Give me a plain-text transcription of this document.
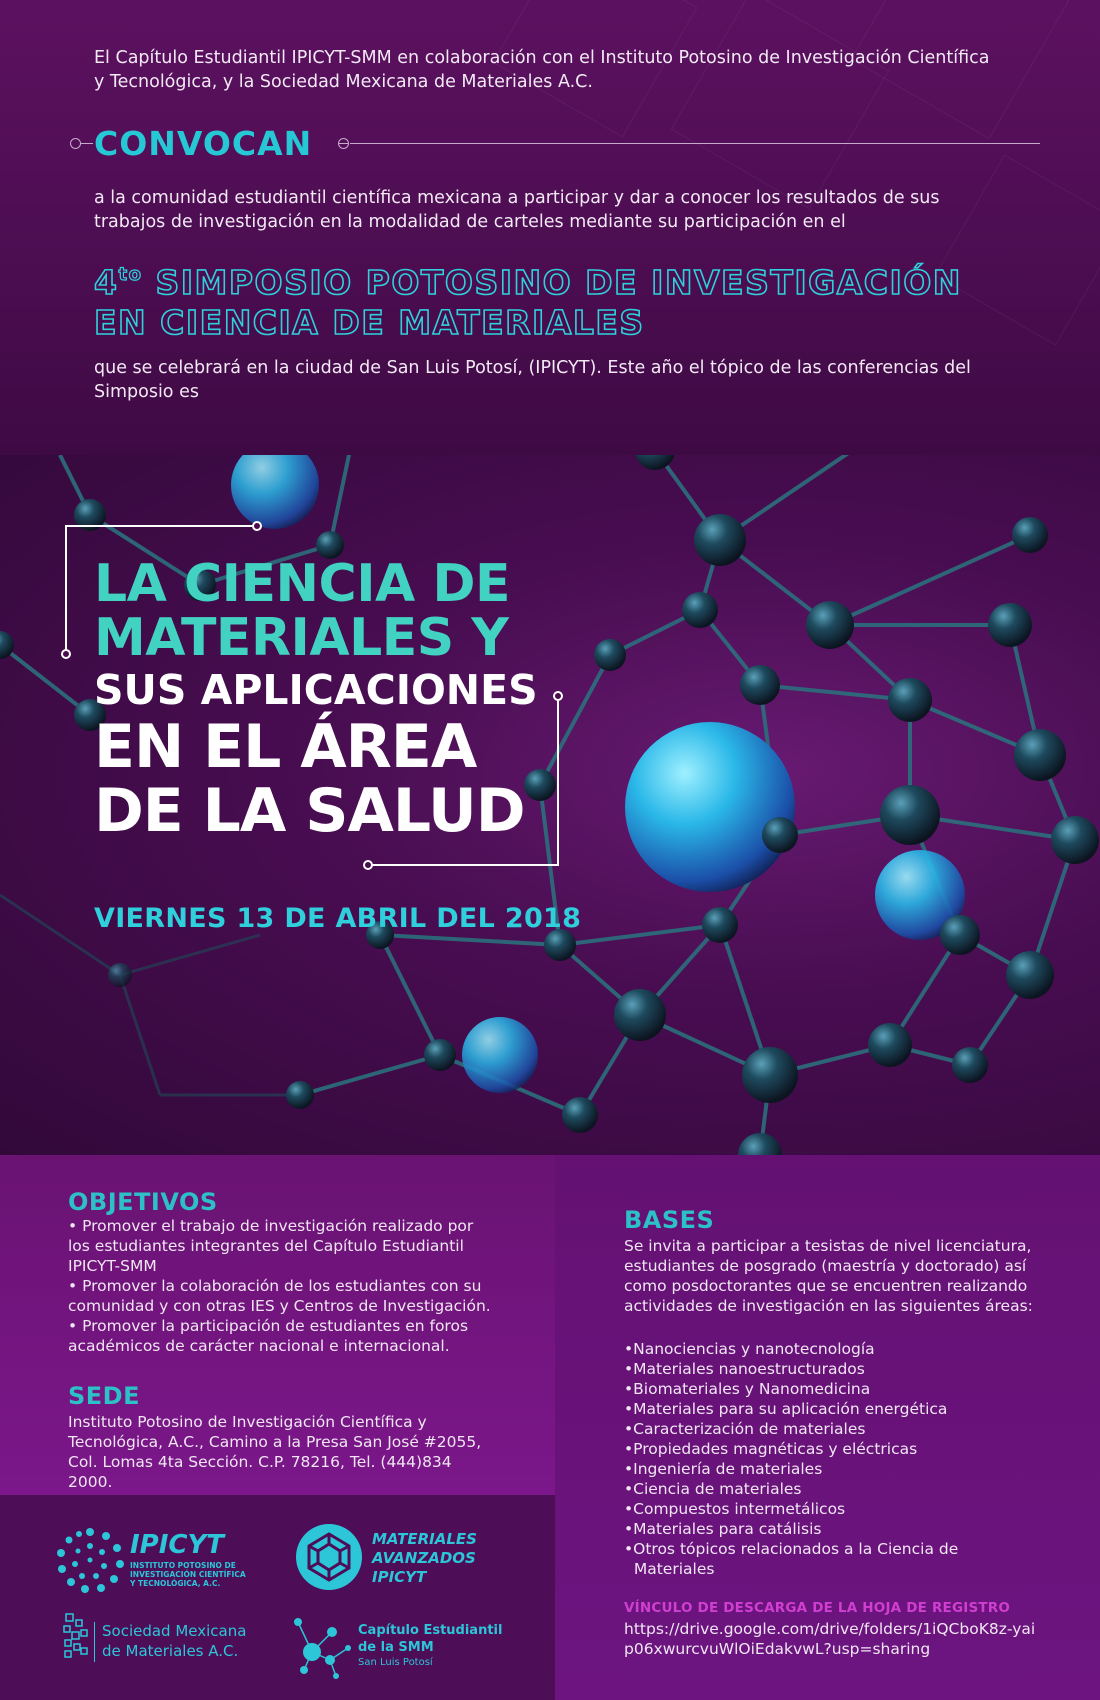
El Capítulo Estudiantil IPICYT-SMM en colaboración con el Instituto Potosino de Investigación Científica y Tecnológica, y la Sociedad Mexicana de Materiales A.C.
CONVOCAN
a la comunidad estudiantil científica mexicana a participar y dar a conocer los resultados de sus trabajos de investigación en la modalidad de carteles mediante su participación en el
$4^{to}$ SIMPOSIO POTOSINO DE INVESTIGACIÓN
EN CIENCIA DE MATERIALES
que se celebrará en la ciudad de San Luis Potosí, (IPICYT). Este año el tópico de las conferencias del Simposio es
LA CIENCIA DE
MATERIALES Y
SUS APLICACIONES
EN EL ÁREA
DE LA SALUD
VIERNES 13 DE ABRIL DEL 2018
OBJETIVOS
• Promover el trabajo de investigación realizado por los estudiantes integrantes del Capítulo Estudiantil IPICYT-SMM
• Promover la colaboración de los estudiantes con su comunidad y con otras IES y Centros de Investigación.
• Promover la participación de estudiantes en foros académicos de carácter nacional e internacional.
SEDE
Instituto Potosino de Investigación Científica y Tecnológica, A.C., Camino a la Presa San José #2055, Col. Lomas 4ta Sección. C.P. 78216, Tel. (444)834 2000.
BASES
Se invita a participar a tesistas de nivel licenciatura, estudiantes de posgrado (maestría y doctorado) así como posdoctorantes que se encuentren realizando actividades de investigación en las siguientes áreas:
•Nanociencias y nanotecnología
•Materiales nanoestructurados
•Biomateriales y Nanomedicina
•Materiales para su aplicación energética
•Caracterización de materiales
•Propiedades magnéticas y eléctricas
•Ingeniería de materiales
•Ciencia de materiales
•Compuestos intermetálicos
•Materiales para catálisis
•Otros tópicos relacionados a la Ciencia de
Materiales
VÍNCULO DE DESCARGA DE LA HOJA DE REGISTRO
https://drive.google.com/drive/folders/1iQCboK8z-yaip06xwurcvuWlOiEdakvwL?usp=sharing
IPICYT
INSTITUTO POTOSINO DE
INVESTIGACIÓN CIENTÍFICA
Y TECNOLÓGICA, A.C.
MATERIALES
AVANZADOS
IPICYT
Sociedad Mexicana
de Materiales A.C.
Capítulo Estudiantil
de la SMM
San Luis Potosí
